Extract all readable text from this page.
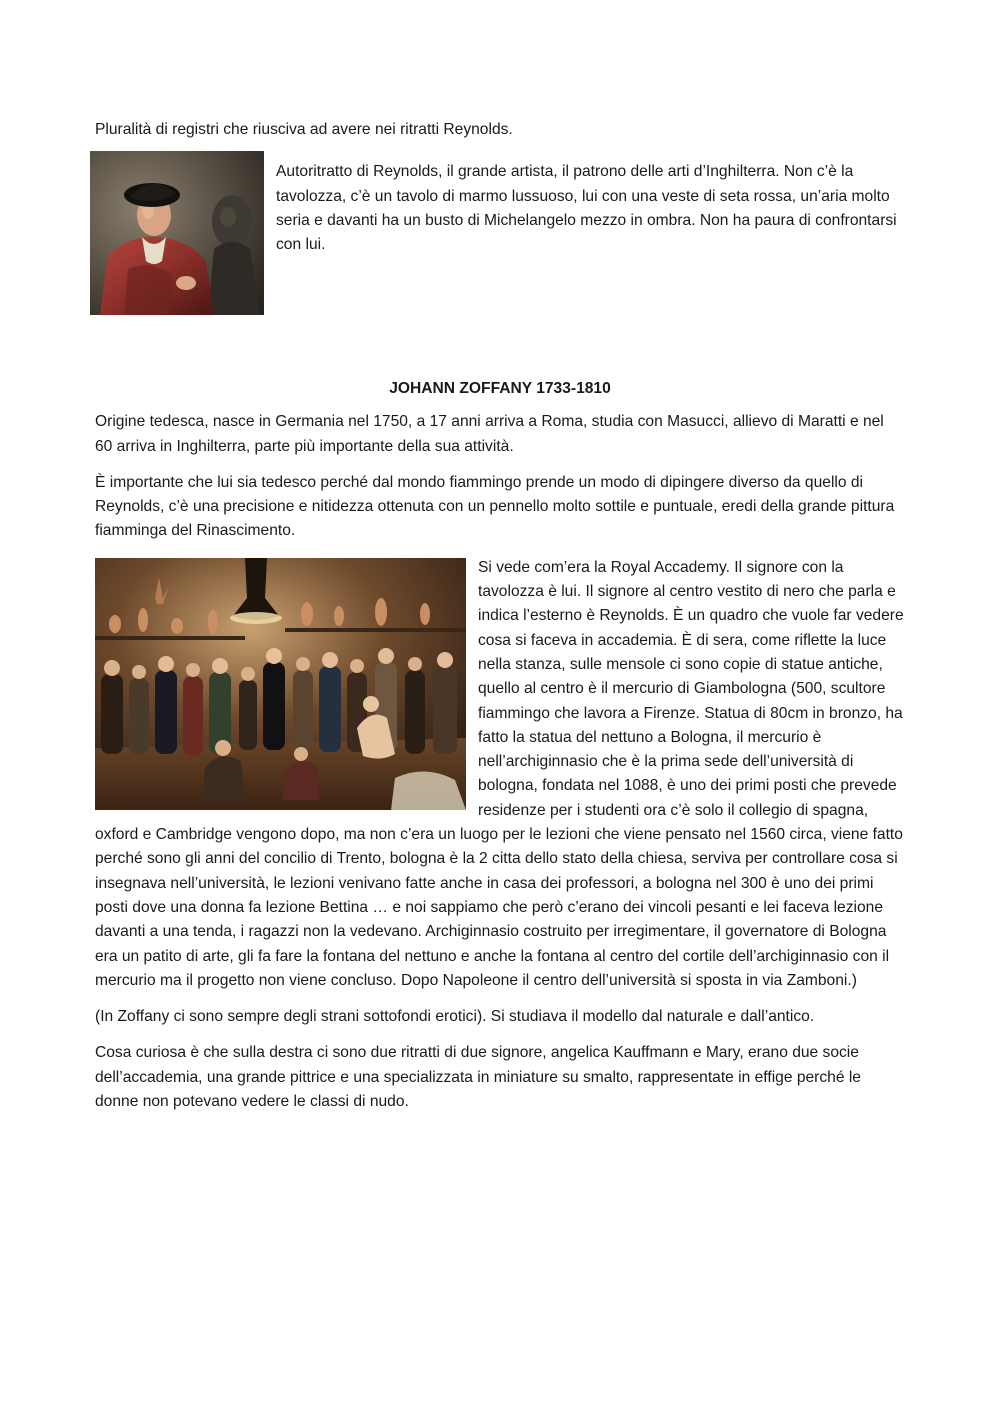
Pluralità di registri che riusciva ad avere nei ritratti Reynolds.

Autoritratto di Reynolds, il grande artista, il patrono delle arti d’Inghilterra. Non c’è la tavolozza, c’è un tavolo di marmo lussuoso, lui con una veste di seta rossa, un’aria molto seria e davanti ha un busto di Michelangelo mezzo in ombra. Non ha paura di confrontarsi con lui.

JOHANN ZOFFANY 1733-1810

Origine tedesca, nasce in Germania nel 1750, a 17 anni arriva a Roma, studia con Masucci, allievo di Maratti e nel 60 arriva in Inghilterra, parte più importante della sua attività.

È importante che lui sia tedesco perché dal mondo fiammingo prende un modo di dipingere diverso da quello di Reynolds, c’è una precisione e nitidezza ottenuta con un pennello molto sottile e puntuale, eredi della grande pittura fiamminga del Rinascimento.

Si vede com’era la Royal Accademy. Il signore con la tavolozza è lui. Il signore al centro vestito di nero che parla e indica l’esterno è Reynolds. È un quadro che vuole far vedere cosa si faceva in accademia. È di sera, come riflette la luce nella stanza, sulle mensole ci sono copie di statue antiche, quello al centro è il mercurio di Giambologna (500, scultore fiammingo che lavora a Firenze. Statua di 80cm in bronzo, ha fatto la statua del nettuno a Bologna, il mercurio è nell’archiginnasio che è la prima sede dell’università di bologna, fondata nel 1088, è uno dei primi posti che prevede residenze per i studenti ora c’è solo il collegio di spagna, oxford e Cambridge vengono dopo, ma non c’era un luogo per le lezioni che viene pensato nel 1560 circa, viene fatto perché sono gli anni del concilio di Trento, bologna è la 2 citta dello stato della chiesa, serviva per controllare cosa si insegnava nell’università, le lezioni venivano fatte anche in casa dei professori, a bologna nel 300 è uno dei primi posti dove una donna fa lezione Bettina … e noi sappiamo che però c’erano dei vincoli pesanti e lei faceva lezione davanti a una tenda, i ragazzi non la vedevano. Archiginnasio costruito per irregimentare, il governatore di Bologna era un patito di arte, gli fa fare la fontana del nettuno e anche la fontana al centro del cortile dell’archiginnasio con il mercurio ma il progetto non viene concluso. Dopo Napoleone il centro dell’università si sposta in via Zamboni.)

(In Zoffany ci sono sempre degli strani sottofondi erotici). Si studiava il modello dal naturale e dall’antico.

Cosa curiosa è che sulla destra ci sono due ritratti di due signore, angelica Kauffmann e Mary, erano due socie dell’accademia, una grande pittrice e una specializzata in miniature su smalto, rappresentate in effige perché le donne non potevano vedere le classi di nudo.
